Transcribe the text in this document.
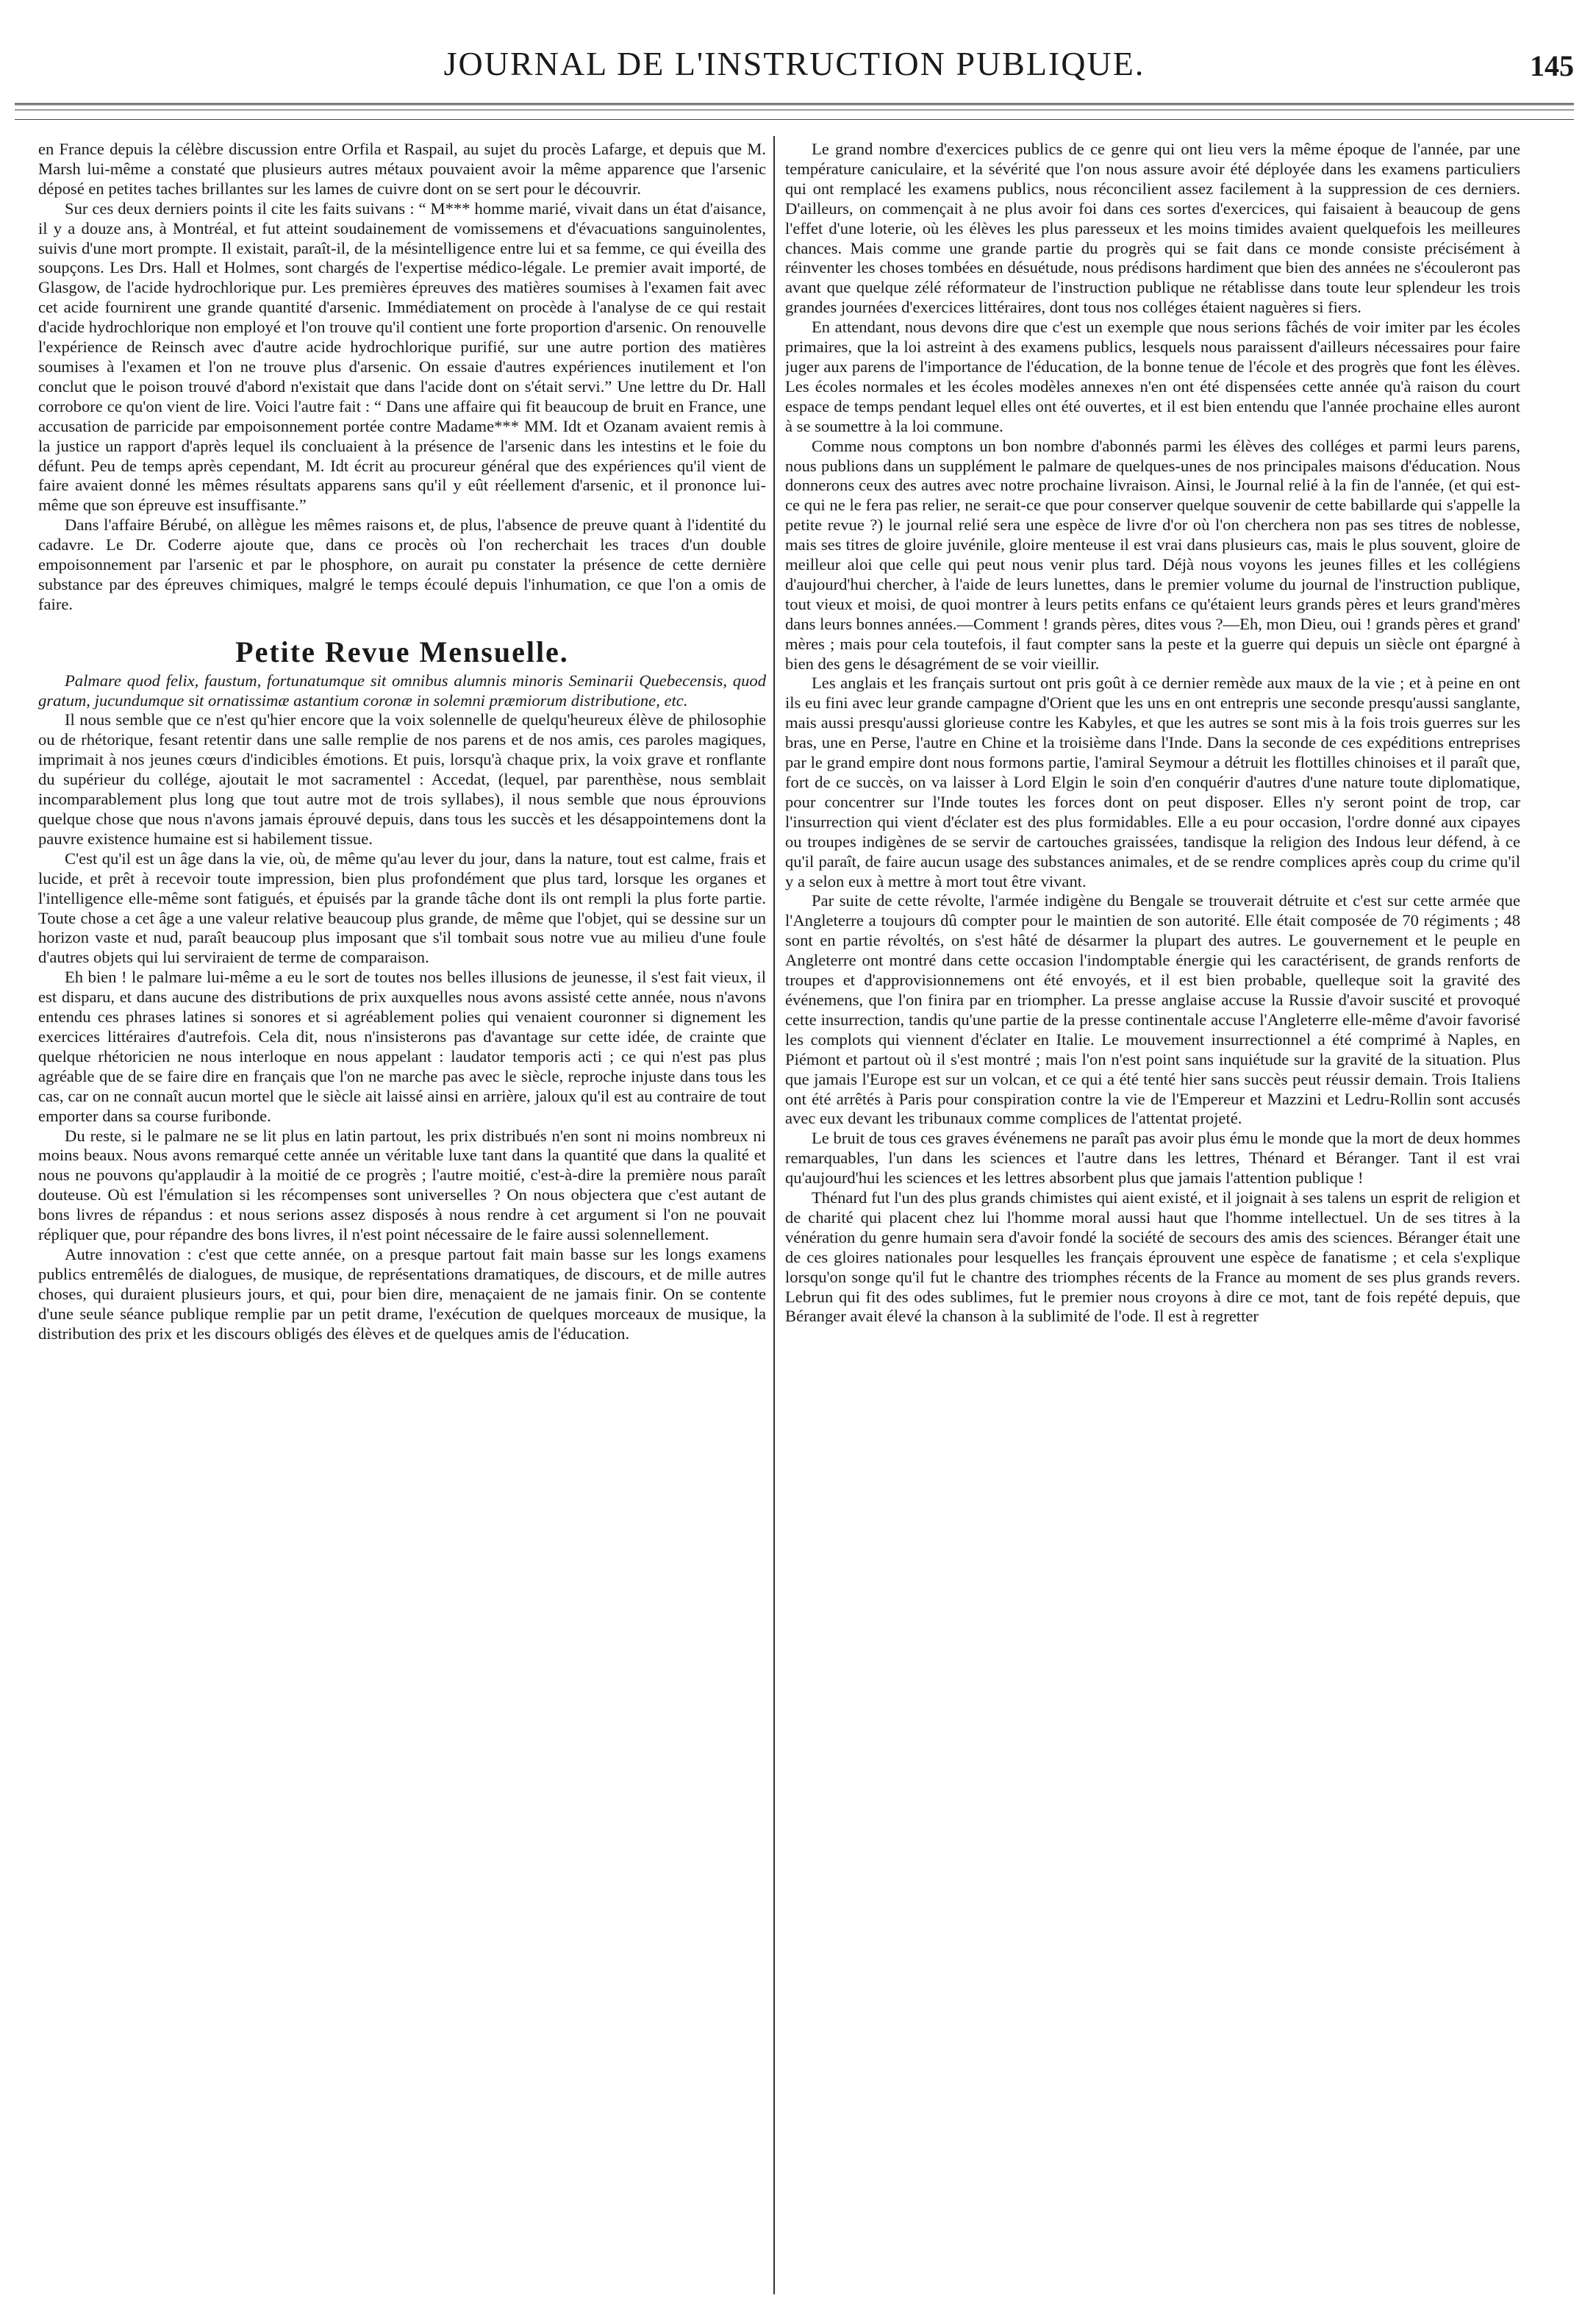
JOURNAL DE L'INSTRUCTION PUBLIQUE.	145

en France depuis la célèbre discussion entre Orfila et Raspail, au sujet du procès Lafarge, et depuis que M. Marsh lui-même a constaté que plusieurs autres métaux pouvaient avoir la même apparence que l'arsenic déposé en petites taches brillantes sur les lames de cuivre dont on se sert pour le découvrir.

Sur ces deux derniers points il cite les faits suivans : “ M*** homme marié, vivait dans un état d'aisance, il y a douze ans, à Montréal, et fut atteint soudainement de vomissemens et d'évacuations sanguinolentes, suivis d'une mort prompte. Il existait, paraît-il, de la mésintelligence entre lui et sa femme, ce qui éveilla des soupçons. Les Drs. Hall et Holmes, sont chargés de l'expertise médico-légale. Le premier avait importé, de Glasgow, de l'acide hydrochlorique pur. Les premières épreuves des matières soumises à l'examen fait avec cet acide fournirent une grande quantité d'arsenic. Immédiatement on procède à l'analyse de ce qui restait d'acide hydrochlorique non employé et l'on trouve qu'il contient une forte proportion d'arsenic. On renouvelle l'expérience de Reinsch avec d'autre acide hydrochlorique purifié, sur une autre portion des matières soumises à l'examen et l'on ne trouve plus d'arsenic. On essaie d'autres expériences inutilement et l'on conclut que le poison trouvé d'abord n'existait que dans l'acide dont on s'était servi.” Une lettre du Dr. Hall corrobore ce qu'on vient de lire. Voici l'autre fait : “ Dans une affaire qui fit beaucoup de bruit en France, une accusation de parricide par empoisonnement portée contre Madame*** MM. Idt et Ozanam avaient remis à la justice un rapport d'après lequel ils concluaient à la présence de l'arsenic dans les intestins et le foie du défunt. Peu de temps après cependant, M. Idt écrit au procureur général que des expériences qu'il vient de faire avaient donné les mêmes résultats apparens sans qu'il y eût réellement d'arsenic, et il prononce lui-même que son épreuve est insuffisante.”

Dans l'affaire Bérubé, on allègue les mêmes raisons et, de plus, l'absence de preuve quant à l'identité du cadavre. Le Dr. Coderre ajoute que, dans ce procès où l'on recherchait les traces d'un double empoisonnement par l'arsenic et par le phosphore, on aurait pu constater la présence de cette dernière substance par des épreuves chimiques, malgré le temps écoulé depuis l'inhumation, ce que l'on a omis de faire.

Petite Revue Mensuelle.

Palmare quod felix, faustum, fortunatumque sit omnibus alumnis minoris Seminarii Quebecensis, quod gratum, jucundumque sit ornatissimæ astantium coronæ in solemni præmiorum distributione, etc.

Il nous semble que ce n'est qu'hier encore que la voix solennelle de quelqu'heureux élève de philosophie ou de rhétorique, fesant retentir dans une salle remplie de nos parens et de nos amis, ces paroles magiques, imprimait à nos jeunes cœurs d'indicibles émotions. Et puis, lorsqu'à chaque prix, la voix grave et ronflante du supérieur du collége, ajoutait le mot sacramentel : Accedat, (lequel, par parenthèse, nous semblait incomparablement plus long que tout autre mot de trois syllabes), il nous semble que nous éprouvions quelque chose que nous n'avons jamais éprouvé depuis, dans tous les succès et les désappointemens dont la pauvre existence humaine est si habilement tissue.

C'est qu'il est un âge dans la vie, où, de même qu'au lever du jour, dans la nature, tout est calme, frais et lucide, et prêt à recevoir toute impression, bien plus profondément que plus tard, lorsque les organes et l'intelligence elle-même sont fatigués, et épuisés par la grande tâche dont ils ont rempli la plus forte partie. Toute chose a cet âge a une valeur relative beaucoup plus grande, de même que l'objet, qui se dessine sur un horizon vaste et nud, paraît beaucoup plus imposant que s'il tombait sous notre vue au milieu d'une foule d'autres objets qui lui serviraient de terme de comparaison.

Eh bien ! le palmare lui-même a eu le sort de toutes nos belles illusions de jeunesse, il s'est fait vieux, il est disparu, et dans aucune des distributions de prix auxquelles nous avons assisté cette année, nous n'avons entendu ces phrases latines si sonores et si agréablement polies qui venaient couronner si dignement les exercices littéraires d'autrefois. Cela dit, nous n'insisterons pas d'avantage sur cette idée, de crainte que quelque rhétoricien ne nous interloque en nous appelant : laudator temporis acti ; ce qui n'est pas plus agréable que de se faire dire en français que l'on ne marche pas avec le siècle, reproche injuste dans tous les cas, car on ne connaît aucun mortel que le siècle ait laissé ainsi en arrière, jaloux qu'il est au contraire de tout emporter dans sa course furibonde.

Du reste, si le palmare ne se lit plus en latin partout, les prix distribués n'en sont ni moins nombreux ni moins beaux. Nous avons remarqué cette année un véritable luxe tant dans la quantité que dans la qualité et nous ne pouvons qu'applaudir à la moitié de ce progrès ; l'autre moitié, c'est-à-dire la première nous paraît douteuse. Où est l'émulation si les récompenses sont universelles ? On nous objectera que c'est autant de bons livres de répandus : et nous serions assez disposés à nous rendre à cet argument si l'on ne pouvait répliquer que, pour répandre des bons livres, il n'est point nécessaire de le faire aussi solennellement.

Autre innovation : c'est que cette année, on a presque partout fait main basse sur les longs examens publics entremêlés de dialogues, de musique, de représentations dramatiques, de discours, et de mille autres choses, qui duraient plusieurs jours, et qui, pour bien dire, menaçaient de ne jamais finir. On se contente d'une seule séance publique remplie par un petit drame, l'exécution de quelques morceaux de musique, la distribution des prix et les discours obligés des élèves et de quelques amis de l'éducation.

Le grand nombre d'exercices publics de ce genre qui ont lieu vers la même époque de l'année, par une température caniculaire, et la sévérité que l'on nous assure avoir été déployée dans les examens particuliers qui ont remplacé les examens publics, nous réconcilient assez facilement à la suppression de ces derniers. D'ailleurs, on commençait à ne plus avoir foi dans ces sortes d'exercices, qui faisaient à beaucoup de gens l'effet d'une loterie, où les élèves les plus paresseux et les moins timides avaient quelquefois les meilleures chances. Mais comme une grande partie du progrès qui se fait dans ce monde consiste précisément à réinventer les choses tombées en désuétude, nous prédisons hardiment que bien des années ne s'écouleront pas avant que quelque zélé réformateur de l'instruction publique ne rétablisse dans toute leur splendeur les trois grandes journées d'exercices littéraires, dont tous nos colléges étaient naguères si fiers.

En attendant, nous devons dire que c'est un exemple que nous serions fâchés de voir imiter par les écoles primaires, que la loi astreint à des examens publics, lesquels nous paraissent d'ailleurs nécessaires pour faire juger aux parens de l'importance de l'éducation, de la bonne tenue de l'école et des progrès que font les élèves. Les écoles normales et les écoles modèles annexes n'en ont été dispensées cette année qu'à raison du court espace de temps pendant lequel elles ont été ouvertes, et il est bien entendu que l'année prochaine elles auront à se soumettre à la loi commune.

Comme nous comptons un bon nombre d'abonnés parmi les élèves des colléges et parmi leurs parens, nous publions dans un supplément le palmare de quelques-unes de nos principales maisons d'éducation. Nous donnerons ceux des autres avec notre prochaine livraison. Ainsi, le Journal relié à la fin de l'année, (et qui est-ce qui ne le fera pas relier, ne serait-ce que pour conserver quelque souvenir de cette babillarde qui s'appelle la petite revue ?) le journal relié sera une espèce de livre d'or où l'on cherchera non pas ses titres de noblesse, mais ses titres de gloire juvénile, gloire menteuse il est vrai dans plusieurs cas, mais le plus souvent, gloire de meilleur aloi que celle qui peut nous venir plus tard. Déjà nous voyons les jeunes filles et les collégiens d'aujourd'hui chercher, à l'aide de leurs lunettes, dans le premier volume du journal de l'instruction publique, tout vieux et moisi, de quoi montrer à leurs petits enfans ce qu'étaient leurs grands pères et leurs grand'mères dans leurs bonnes années.—Comment ! grands pères, dites vous ?—Eh, mon Dieu, oui ! grands pères et grand' mères ; mais pour cela toutefois, il faut compter sans la peste et la guerre qui depuis un siècle ont épargné à bien des gens le désagrément de se voir vieillir.

Les anglais et les français surtout ont pris goût à ce dernier remède aux maux de la vie ; et à peine en ont ils eu fini avec leur grande campagne d'Orient que les uns en ont entrepris une seconde presqu'aussi sanglante, mais aussi presqu'aussi glorieuse contre les Kabyles, et que les autres se sont mis à la fois trois guerres sur les bras, une en Perse, l'autre en Chine et la troisième dans l'Inde. Dans la seconde de ces expéditions entreprises par le grand empire dont nous formons partie, l'amiral Seymour a détruit les flottilles chinoises et il paraît que, fort de ce succès, on va laisser à Lord Elgin le soin d'en conquérir d'autres d'une nature toute diplomatique, pour concentrer sur l'Inde toutes les forces dont on peut disposer. Elles n'y seront point de trop, car l'insurrection qui vient d'éclater est des plus formidables. Elle a eu pour occasion, l'ordre donné aux cipayes ou troupes indigènes de se servir de cartouches graissées, tandisque la religion des Indous leur défend, à ce qu'il paraît, de faire aucun usage des substances animales, et de se rendre complices après coup du crime qu'il y a selon eux à mettre à mort tout être vivant.

Par suite de cette révolte, l'armée indigène du Bengale se trouverait détruite et c'est sur cette armée que l'Angleterre a toujours dû compter pour le maintien de son autorité. Elle était composée de 70 régiments ; 48 sont en partie révoltés, on s'est hâté de désarmer la plupart des autres. Le gouvernement et le peuple en Angleterre ont montré dans cette occasion l'indomptable énergie qui les caractérisent, de grands renforts de troupes et d'approvisionnemens ont été envoyés, et il est bien probable, quelleque soit la gravité des événemens, que l'on finira par en triompher. La presse anglaise accuse la Russie d'avoir suscité et provoqué cette insurrection, tandis qu'une partie de la presse continentale accuse l'Angleterre elle-même d'avoir favorisé les complots qui viennent d'éclater en Italie. Le mouvement insurrectionnel a été comprimé à Naples, en Piémont et partout où il s'est montré ; mais l'on n'est point sans inquiétude sur la gravité de la situation. Plus que jamais l'Europe est sur un volcan, et ce qui a été tenté hier sans succès peut réussir demain. Trois Italiens ont été arrêtés à Paris pour conspiration contre la vie de l'Empereur et Mazzini et Ledru-Rollin sont accusés avec eux devant les tribunaux comme complices de l'attentat projeté.

Le bruit de tous ces graves événemens ne paraît pas avoir plus ému le monde que la mort de deux hommes remarquables, l'un dans les sciences et l'autre dans les lettres, Thénard et Béranger. Tant il est vrai qu'aujourd'hui les sciences et les lettres absorbent plus que jamais l'attention publique !

Thénard fut l'un des plus grands chimistes qui aient existé, et il joignait à ses talens un esprit de religion et de charité qui placent chez lui l'homme moral aussi haut que l'homme intellectuel. Un de ses titres à la vénération du genre humain sera d'avoir fondé la société de secours des amis des sciences. Béranger était une de ces gloires nationales pour lesquelles les français éprouvent une espèce de fanatisme ; et cela s'explique lorsqu'on songe qu'il fut le chantre des triomphes récents de la France au moment de ses plus grands revers. Lebrun qui fit des odes sublimes, fut le premier nous croyons à dire ce mot, tant de fois repété depuis, que Béranger avait élevé la chanson à la sublimité de l'ode. Il est à regretter
